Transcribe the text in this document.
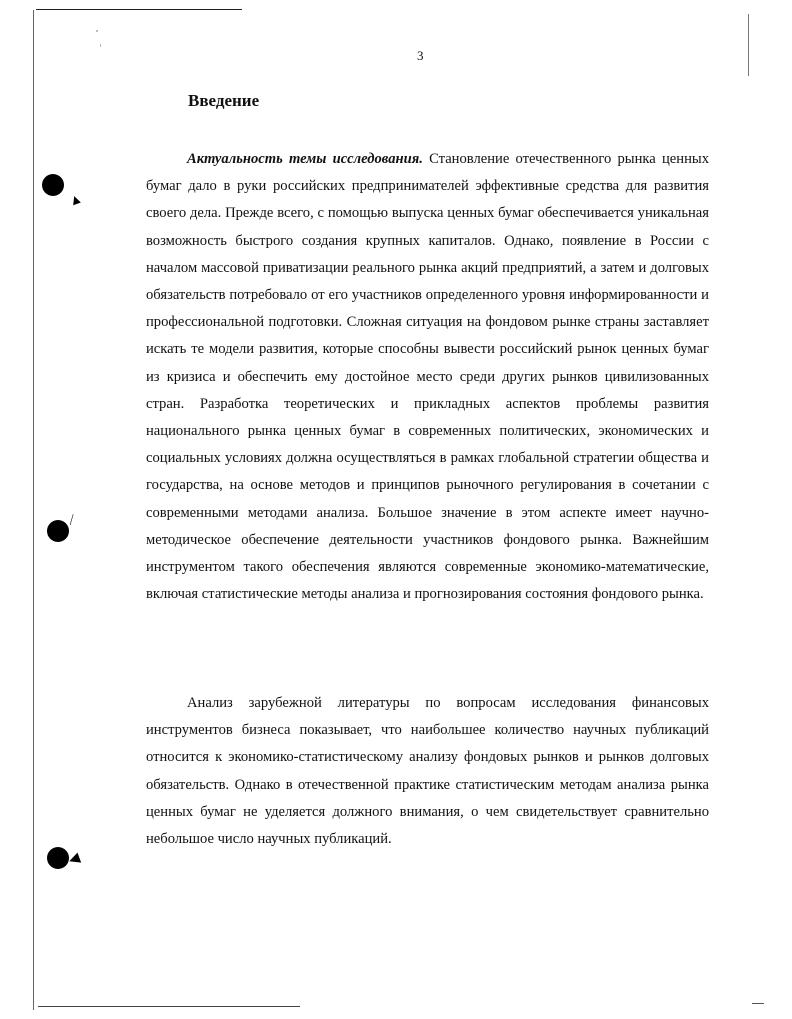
▲
⁄
◀
3
Введение

Актуальность темы исследования. Становление отечественного рынка ценных бумаг дало в руки российских предпринимателей эффективные средства для развития своего дела. Прежде всего, с помощью выпуска ценных бумаг обеспечивается уникальная возможность быстрого создания крупных капиталов. Однако, появление в России с началом массовой приватизации реального рынка акций предприятий, а затем и долговых обязательств потребовало от его участников определенного уровня информированности и профессиональной подготовки. Сложная ситуация на фондовом рынке страны заставляет искать те модели развития, которые способны вывести российский рынок ценных бумаг из кризиса и обеспечить ему достойное место среди других рынков цивилизованных стран. Разработка теоретических и прикладных аспектов проблемы развития национального рынка ценных бумаг в современных политических, экономических и социальных условиях должна осуществляться в рамках глобальной стратегии общества и государства, на основе методов и принципов рыночного регулирования в сочетании с современными методами анализа. Большое значение в этом аспекте имеет научно-методическое обеспечение деятельности участников фондового рынка. Важнейшим инструментом такого обеспечения являются современные экономико-математические, включая статистические методы анализа и прогнозирования состояния фондового рынка.

Анализ зарубежной литературы по вопросам исследования финансовых инструментов бизнеса показывает, что наибольшее количество научных публикаций относится к экономико-статистическому анализу фондовых рынков и рынков долговых обязательств. Однако в отечественной практике статистическим методам анализа рынка ценных бумаг не уделяется должного внимания, о чем свидетельствует сравнительно небольшое число научных публикаций.
